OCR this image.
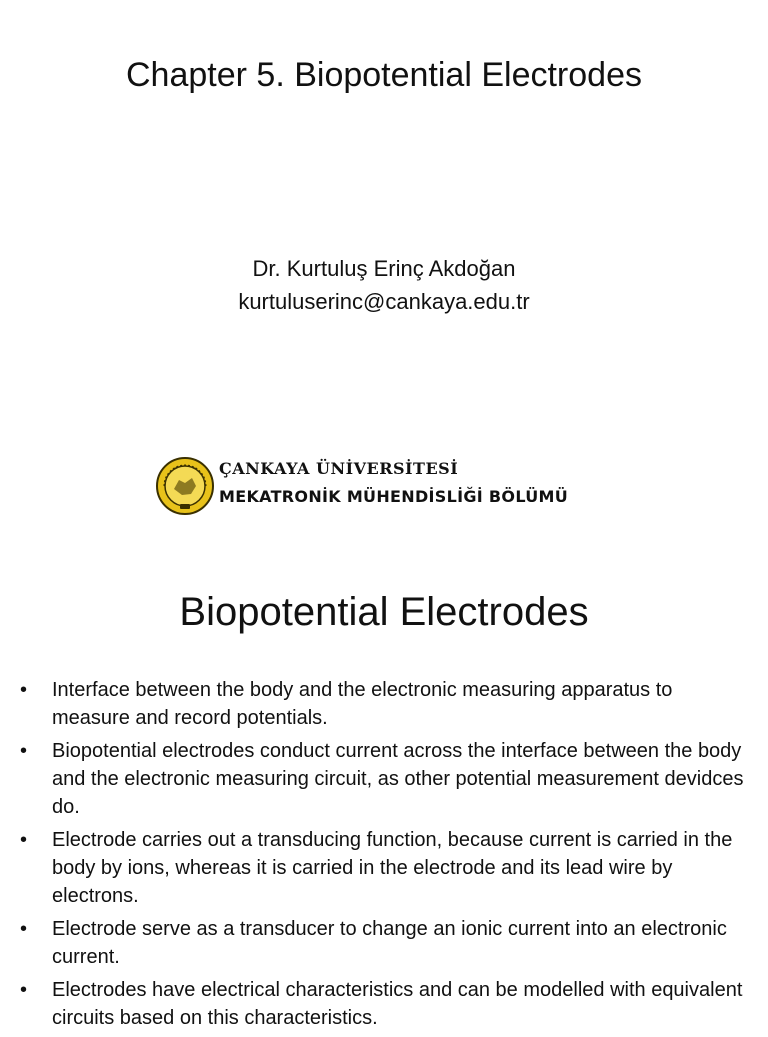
Chapter 5. Biopotential Electrodes
Dr. Kurtuluş Erinç Akdoğan
kurtuluserinc@cankaya.edu.tr
ÇANKAYA ÜNİVERSİTESİ
MEKATRONİK MÜHENDİSLİĞİ BÖLÜMÜ
Biopotential Electrodes
• Interface between the body and the electronic measuring apparatus to measure and record potentials.
• Biopotential electrodes conduct current across the interface between the body and the electronic measuring circuit, as other potential measurement devidces do.
• Electrode carries out a transducing function, because current is carried in the body by ions, whereas it is carried in the electrode and its lead wire by electrons.
• Electrode serve as a transducer to change an ionic current into an electronic current.
• Electrodes have electrical characteristics and can be modelled with equivalent circuits based on this characteristics.
